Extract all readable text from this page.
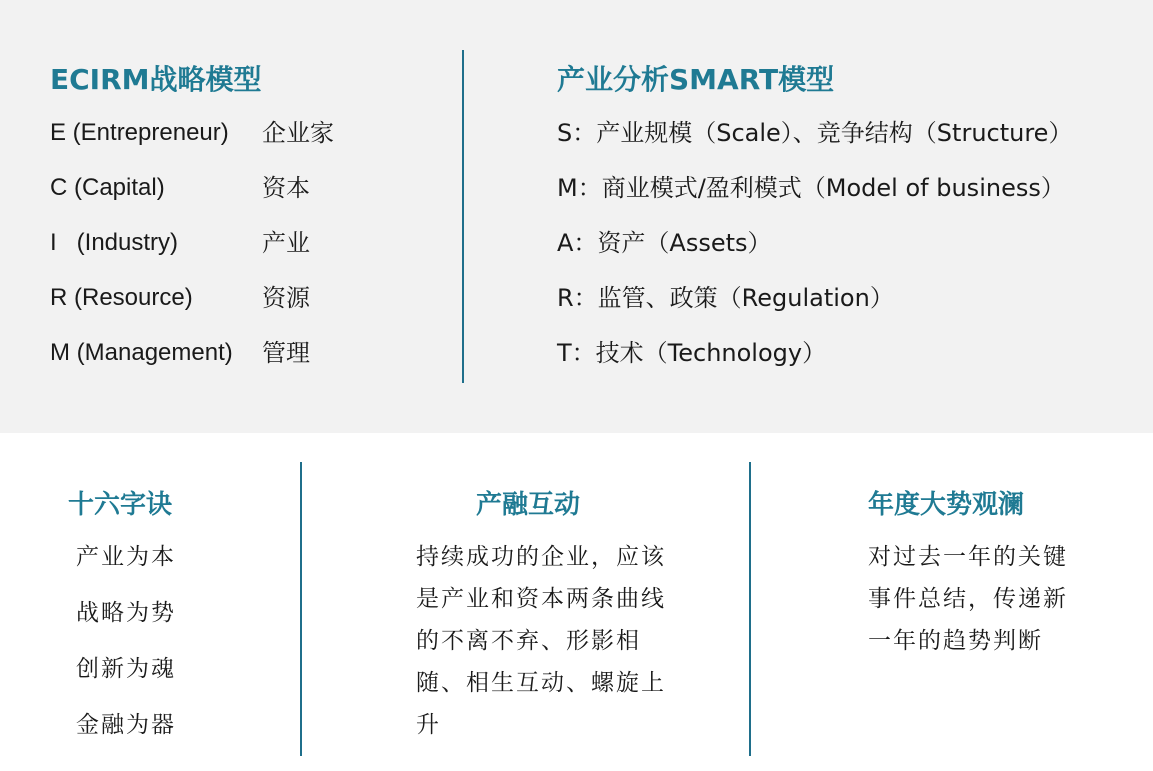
ECIRM战略模型
E (Entrepreneur) 企业家
C (Capital)	资本
I   (Industry)	产业
R (Resource)	资源
M (Management) 管理
产业分析SMART模型
S：产业规模（Scale）、竞争结构（Structure）
M：商业模式/盈利模式（Model of business）
A：资产（Assets）
R：监管、政策（Regulation）
T：技术（Technology）
十六字诀
产业为本
战略为势
创新为魂
金融为器
产融互动
持续成功的企业，应该是产业和资本两条曲线的不离不弃、形影相随、相生互动、螺旋上升
年度大势观澜
对过去一年的关键事件总结，传递新一年的趋势判断
